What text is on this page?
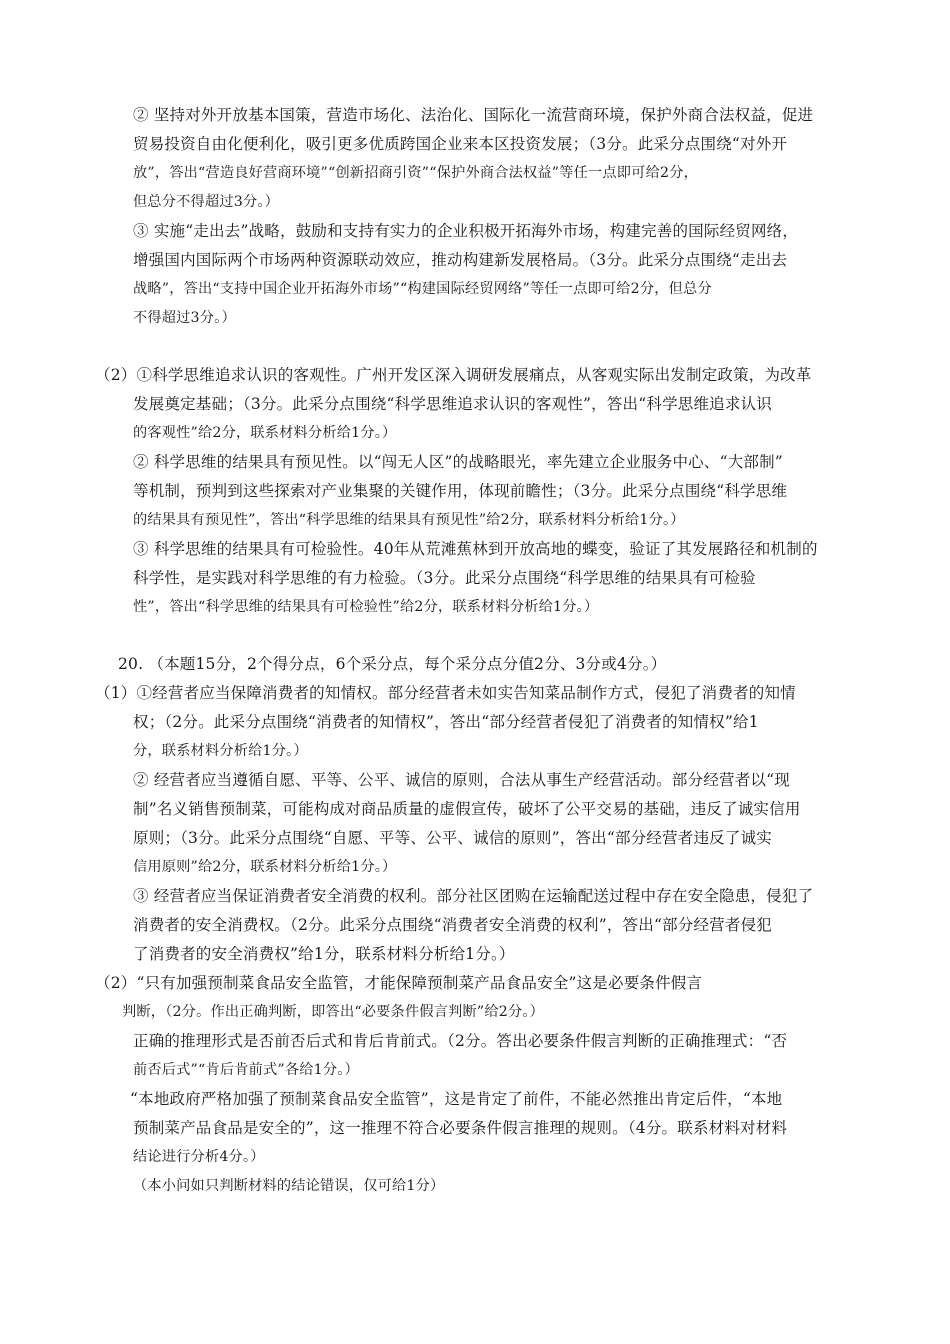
② 坚持对外开放基本国策，营造市场化、法治化、国际化一流营商环境，保护外商合法权益，促进
贸易投资自由化便利化，吸引更多优质跨国企业来本区投资发展；（3分。此采分点围绕“对外开
放”，答出“营造良好营商环境”“创新招商引资”“保护外商合法权益”等任一点即可给2分，
但总分不得超过3分。）
③ 实施“走出去”战略，鼓励和支持有实力的企业积极开拓海外市场，构建完善的国际经贸网络，
增强国内国际两个市场两种资源联动效应，推动构建新发展格局。（3分。此采分点围绕“走出去
战略”，答出“支持中国企业开拓海外市场”“构建国际经贸网络”等任一点即可给2分，但总分
不得超过3分。）
（2）①科学思维追求认识的客观性。广州开发区深入调研发展痛点，从客观实际出发制定政策，为改革
发展奠定基础；（3分。此采分点围绕“科学思维追求认识的客观性”，答出“科学思维追求认识
的客观性”给2分，联系材料分析给1分。）
② 科学思维的结果具有预见性。以“闯无人区”的战略眼光，率先建立企业服务中心、“大部制”
等机制，预判到这些探索对产业集聚的关键作用，体现前瞻性；（3分。此采分点围绕“科学思维
的结果具有预见性”，答出“科学思维的结果具有预见性”给2分，联系材料分析给1分。）
③ 科学思维的结果具有可检验性。40年从荒滩蕉林到开放高地的蝶变，验证了其发展路径和机制的
科学性，是实践对科学思维的有力检验。（3分。此采分点围绕“科学思维的结果具有可检验
性”，答出“科学思维的结果具有可检验性”给2分，联系材料分析给1分。）
20. （本题15分，2个得分点，6个采分点，每个采分点分值2分、3分或4分。）
（1）①经营者应当保障消费者的知情权。部分经营者未如实告知菜品制作方式，侵犯了消费者的知情
权；（2分。此采分点围绕“消费者的知情权”，答出“部分经营者侵犯了消费者的知情权”给1
分，联系材料分析给1分。）
② 经营者应当遵循自愿、平等、公平、诚信的原则，合法从事生产经营活动。部分经营者以“现
制”名义销售预制菜，可能构成对商品质量的虚假宣传，破坏了公平交易的基础，违反了诚实信用
原则；（3分。此采分点围绕“自愿、平等、公平、诚信的原则”，答出“部分经营者违反了诚实
信用原则”给2分，联系材料分析给1分。）
③ 经营者应当保证消费者安全消费的权利。部分社区团购在运输配送过程中存在安全隐患，侵犯了
消费者的安全消费权。（2分。此采分点围绕“消费者安全消费的权利”，答出“部分经营者侵犯
了消费者的安全消费权”给1分，联系材料分析给1分。）
（2）“只有加强预制菜食品安全监管，才能保障预制菜产品食品安全”这是必要条件假言
判断，（2分。作出正确判断，即答出“必要条件假言判断”给2分。）
正确的推理形式是否前否后式和肯后肯前式。（2分。答出必要条件假言判断的正确推理式：“否
前否后式”“肯后肯前式”各给1分。）
“本地政府严格加强了预制菜食品安全监管”，这是肯定了前件，不能必然推出肯定后件，“本地
预制菜产品食品是安全的”，这一推理不符合必要条件假言推理的规则。（4分。联系材料对材料
结论进行分析4分。）
（本小问如只判断材料的结论错误，仅可给1分）
